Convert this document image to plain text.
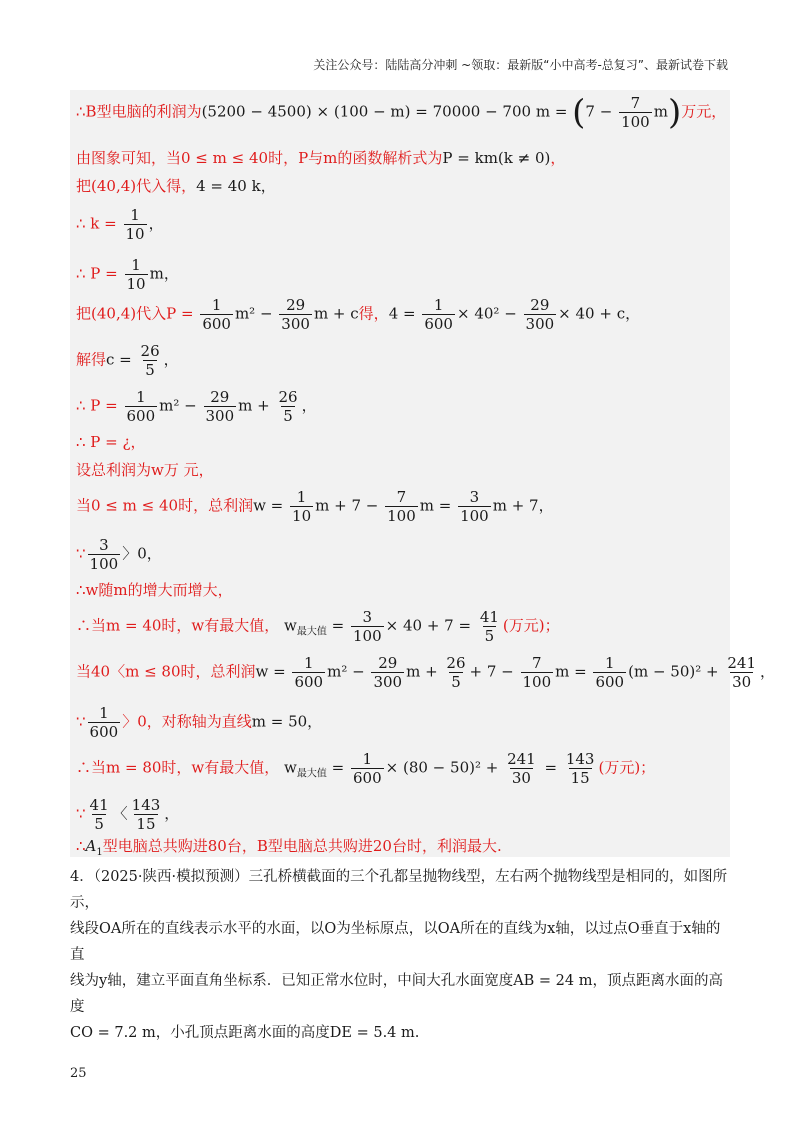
关注公众号：陆陆高分冲刺 ~领取：最新版“小中高考-总复习”、最新试卷下载
∴B型电脑的利润为(5200 − 4500) × (100 − m) = 70000 − 700 $m = (7 - \frac{7}{100} m)$万元，
由图象可知，当0 ≤ m ≤ 40时，P与m的函数解析式为P = km(k ≠ 0)，
把(40,4)代入得，4 = 40 k，
∴ $k = \frac{1}{10}$ ，
∴ $P = \frac{1}{10}$ m，
把(40,4)代入$P = \frac{1}{600} m^2 - \frac{29}{300}$ m + c得，$4 = \frac{1}{600} \times 40^2 - \frac{29}{300} \times 40 + c$，
解得$c = \frac{26}{5}$ ，
∴ $P = \frac{1}{600} m^2 - \frac{29}{300}$ $m + \frac{26}{5}$ ，
∴ P = ¿，
设总利润为w万 元，
当0 ≤ m ≤ 40时，总利润$w = \frac{1}{10}$ $m + 7 - \frac{7}{100}$ $m = \frac{3}{100}$ m + 7，
∵ $\frac{3}{100}$ 〉0，
∴w随m的增大而增大，
∴当m = 40时，w有最大值， $w_{最大值} = \frac{3}{100} \times 40 + 7 = \frac{41}{5}$ (万元)；
当40〈m ≤ 80时，总利润$w = \frac{1}{600} m^2 - \frac{29}{300}$ $m + \frac{26}{5} + 7 - \frac{7}{100}$ $m = \frac{1}{600} (m - 50)^2 + \frac{241}{30}$ ，
∵ $\frac{1}{600}$ 〉0，对称轴为直线m = 50，
∴当m = 80时，w有最大值， $w_{最大值} = \frac{1}{600} \times (80 - 50)^2 + \frac{241}{30} = \frac{143}{15}$ (万元)；
∵ $\frac{41}{5}$ 〈 $\frac{143}{15}$ ，
$\therefore A_1$型电脑总共购进80台，B型电脑总共购进20台时，利润最大.

4．（2025·陕西·模拟预测）三孔桥横截面的三个孔都呈抛物线型，左右两个抛物线型是相同的，如图所示，

线段OA所在的直线表示水平的水面，以O为坐标原点，以OA所在的直线为x轴，以过点O垂直于x轴的直

线为y轴，建立平面直角坐标系．已知正常水位时，中间大孔水面宽度AB = 24 m，顶点距离水面的高度

CO = 7.2 m，小孔顶点距离水面的高度DE = 5.4 m.

25
